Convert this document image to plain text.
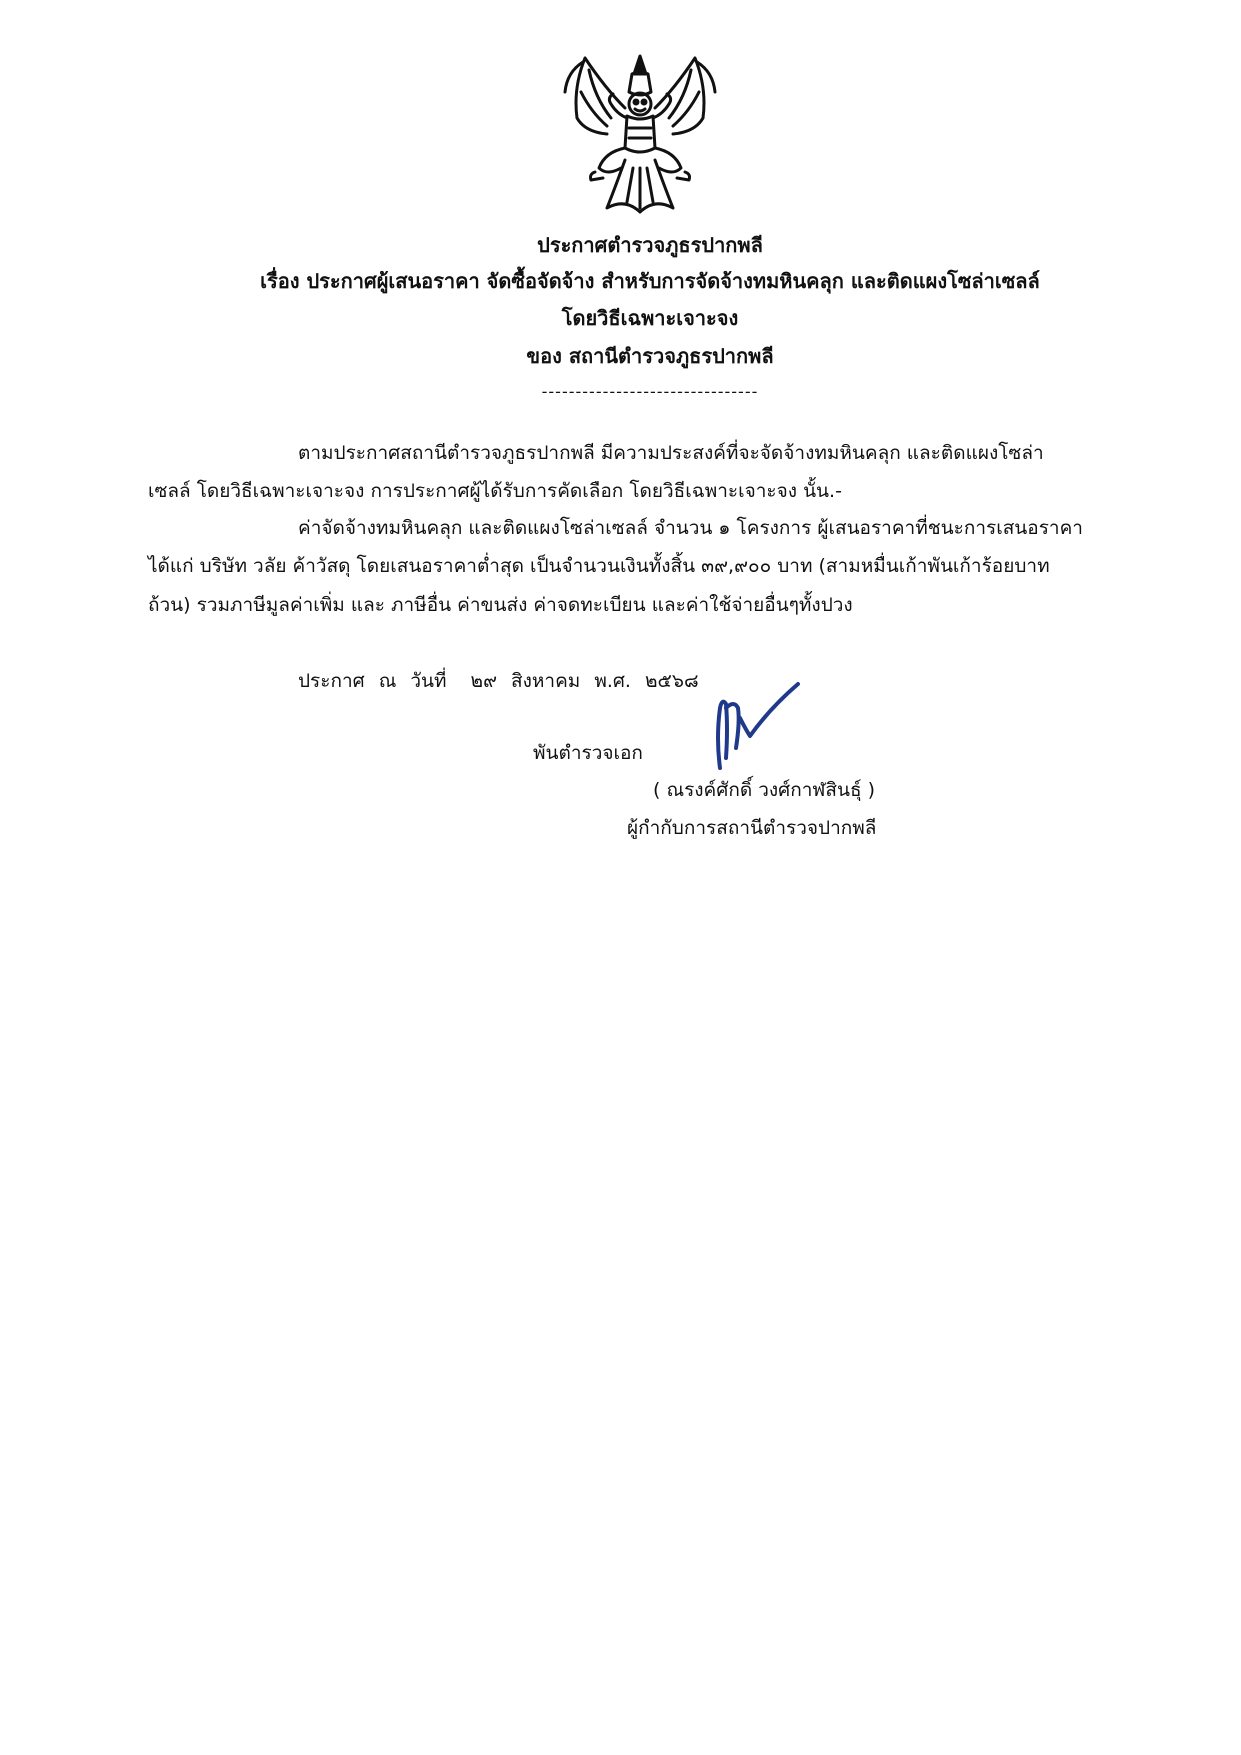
ประกาศตำรวจภูธรปากพลี
เรื่อง ประกาศผู้เสนอราคา จัดซื้อจัดจ้าง สำหรับการจัดจ้างทมหินคลุก และติดแผงโซล่าเซลล์
โดยวิธีเฉพาะเจาะจง
ของ สถานีตำรวจภูธรปากพลี
--------------------------------
ตามประกาศสถานีตำรวจภูธรปากพลี มีความประสงค์ที่จะจัดจ้างทมหินคลุก และติดแผงโซล่า
เซลล์ โดยวิธีเฉพาะเจาะจง การประกาศผู้ได้รับการคัดเลือก โดยวิธีเฉพาะเจาะจง นั้น.-
ค่าจัดจ้างทมหินคลุก และติดแผงโซล่าเซลล์ จำนวน ๑ โครงการ ผู้เสนอราคาที่ชนะการเสนอราคา
ได้แก่ บริษัท วลัย ค้าวัสดุ โดยเสนอราคาต่ำสุด เป็นจำนวนเงินทั้งสิ้น ๓๙,๙๐๐ บาท (สามหมื่นเก้าพันเก้าร้อยบาท
ถ้วน) รวมภาษีมูลค่าเพิ่ม และ ภาษีอื่น ค่าขนส่ง ค่าจดทะเบียน และค่าใช้จ่ายอื่นๆทั้งปวง
ประกาศ ณ วันที่ ๒๙ สิงหาคม พ.ศ. ๒๕๖๘
พันตำรวจเอก
( ณรงค์ศักดิ์ วงศ์กาฬสินธุ์ )
ผู้กำกับการสถานีตำรวจปากพลี
